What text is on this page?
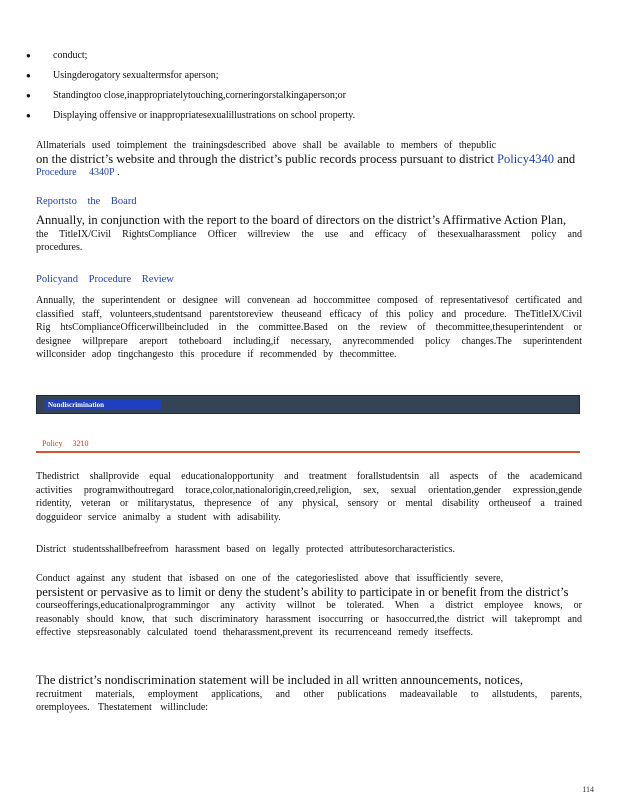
● conduct;
● Usingderogatory sexualtermsfor aperson;
● Standingtoo close,inappropriatelytouching,corneringorstalkingaperson;or
● Displaying offensive or inappropriatesexualillustrations on school property.
Allmaterials used toimplement the trainingsdescribed above shall be available to members of thepublic
on the district’s website and through the district’s public records process pursuant to district Policy4340 and
Procedure 4340P .
Reportsto the Board
Annually, in conjunction with the report to the board of directors on the district’s Affirmative Action Plan,
the TitleIX/Civil RightsCompliance Officer willreview the use and efficacy of thesexualharassment policy and procedures.
Policyand Procedure Review
Annually, the superintendent or designee will convenean ad hoccommittee composed of representativesof certificated and classified staff, volunteers,studentsand parentstoreview theuseand efficacy of this policy and procedure. TheTitleIX/Civil Rig htsComplianceOfficerwillbeincluded in the committee.Based on the review of thecommittee,thesuperintendent or designee willprepare areport totheboard including,if necessary, anyrecommended policy changes.The superintendent willconsider adop tingchangesto this procedure if recommended by thecommittee.
Nondiscrimination
Policy 3210
Thedistrict shallprovide equal educationalopportunity and treatment forallstudentsin all aspects of the academicand activities programwithoutregard torace,color,nationalorigin,creed,religion, sex, sexual orientation,gender expression,gende ridentity, veteran or militarystatus, thepresence of any physical, sensory or mental disability ortheuseof a trained dogguideor service animalby a student with adisability.
District studentsshallbefreefrom harassment based on legally protected attributesorcharacteristics.
Conduct against any student that isbased on one of the categorieslisted above that issufficiently severe,
persistent or pervasive as to limit or deny the student’s ability to participate in or benefit from the district’s
courseofferings,educationalprogrammingor any activity willnot be tolerated. When a district employee knows, or reasonably should know, that such discriminatory harassment isoccurring or hasoccurred,the district will takeprompt and effective stepsreasonably calculated toend theharassment,prevent its recurrenceand remedy itseffects.
The district’s nondiscrimination statement will be included in all written announcements, notices,
recruitment materials, employment applications, and other publications madeavailable to allstudents, parents, oremployees. Thestatement willinclude:
114
